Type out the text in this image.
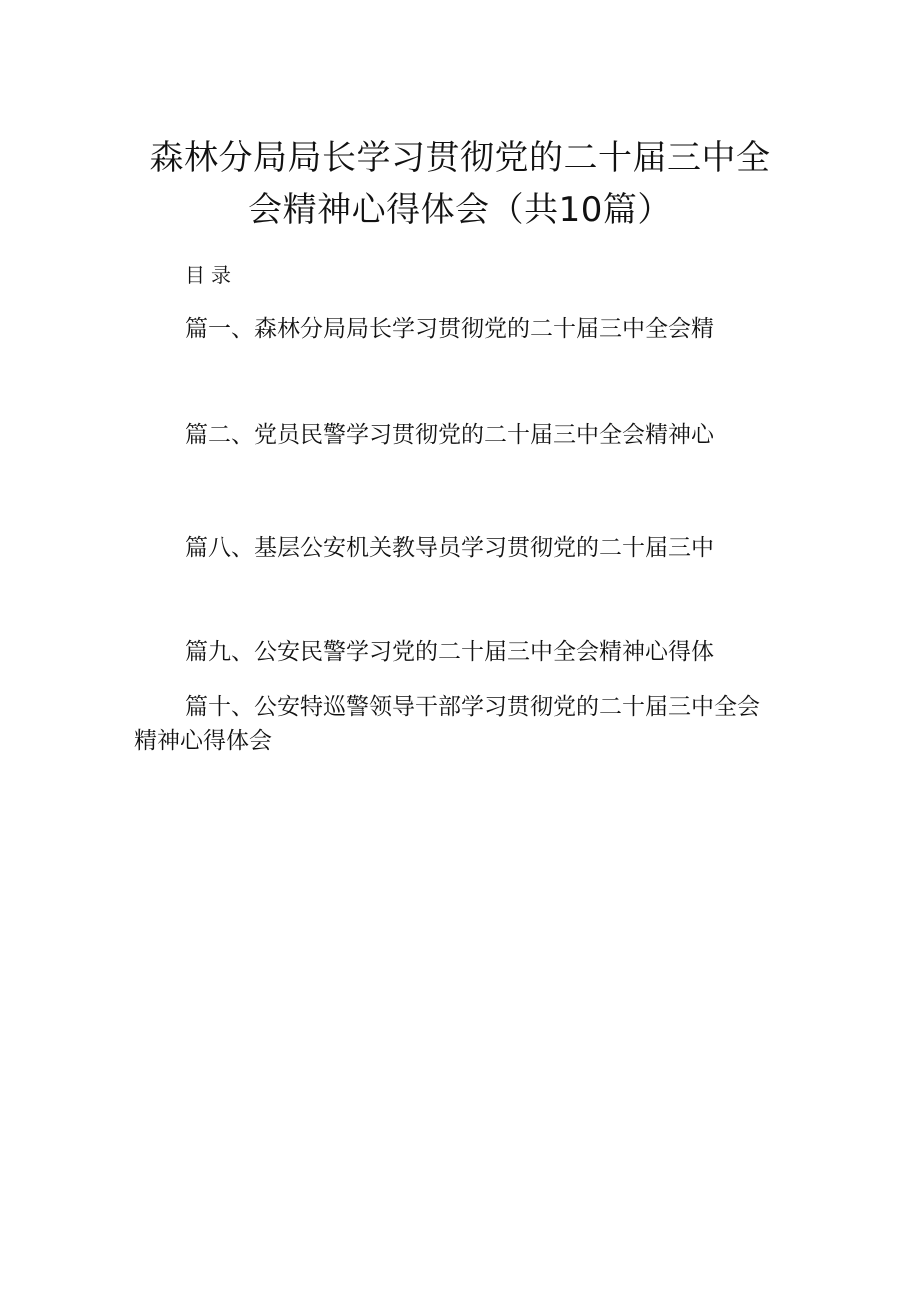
森林分局局长学习贯彻党的二十届三中全
会精神心得体会（共10篇）
目录
篇一、森林分局局长学习贯彻党的二十届三中全会精
篇二、党员民警学习贯彻党的二十届三中全会精神心
篇八、基层公安机关教导员学习贯彻党的二十届三中
篇九、公安民警学习党的二十届三中全会精神心得体
篇十、公安特巡警领导干部学习贯彻党的二十届三中全会精神心得体会
